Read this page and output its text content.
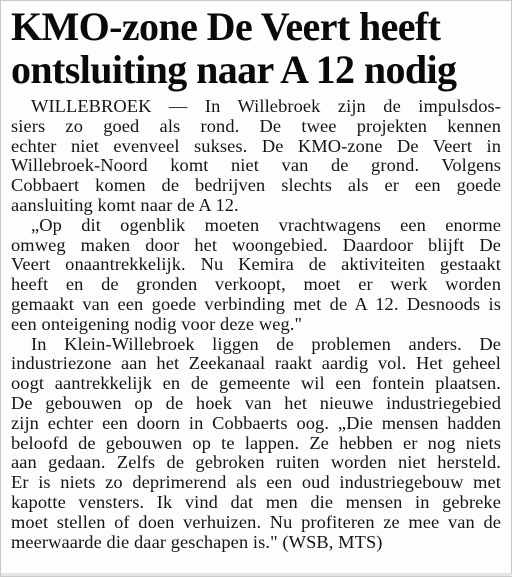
KMO-zone De Veert heeft
ontsluiting naar A 12 nodig

WILLEBROEK — In Willebroek zijn de impulsdos-
siers zo goed als rond. De twee projekten kennen
echter niet evenveel sukses. De KMO-zone De Veert in
Willebroek-Noord komt niet van de grond. Volgens
Cobbaert komen de bedrijven slechts als er een goede
aansluiting komt naar de A 12.

„Op dit ogenblik moeten vrachtwagens een enorme
omweg maken door het woongebied. Daardoor blijft De
Veert onaantrekkelijk. Nu Kemira de aktiviteiten gestaakt
heeft en de gronden verkoopt, moet er werk worden
gemaakt van een goede verbinding met de A 12. Desnoods is
een onteigening nodig voor deze weg."

In Klein-Willebroek liggen de problemen anders. De
industriezone aan het Zeekanaal raakt aardig vol. Het geheel
oogt aantrekkelijk en de gemeente wil een fontein plaatsen.
De gebouwen op de hoek van het nieuwe industriegebied
zijn echter een doorn in Cobbaerts oog. „Die mensen hadden
beloofd de gebouwen op te lappen. Ze hebben er nog niets
aan gedaan. Zelfs de gebroken ruiten worden niet hersteld.
Er is niets zo deprimerend als een oud industriegebouw met
kapotte vensters. Ik vind dat men die mensen in gebreke
moet stellen of doen verhuizen. Nu profiteren ze mee van de
meerwaarde die daar geschapen is." (WSB, MTS)
